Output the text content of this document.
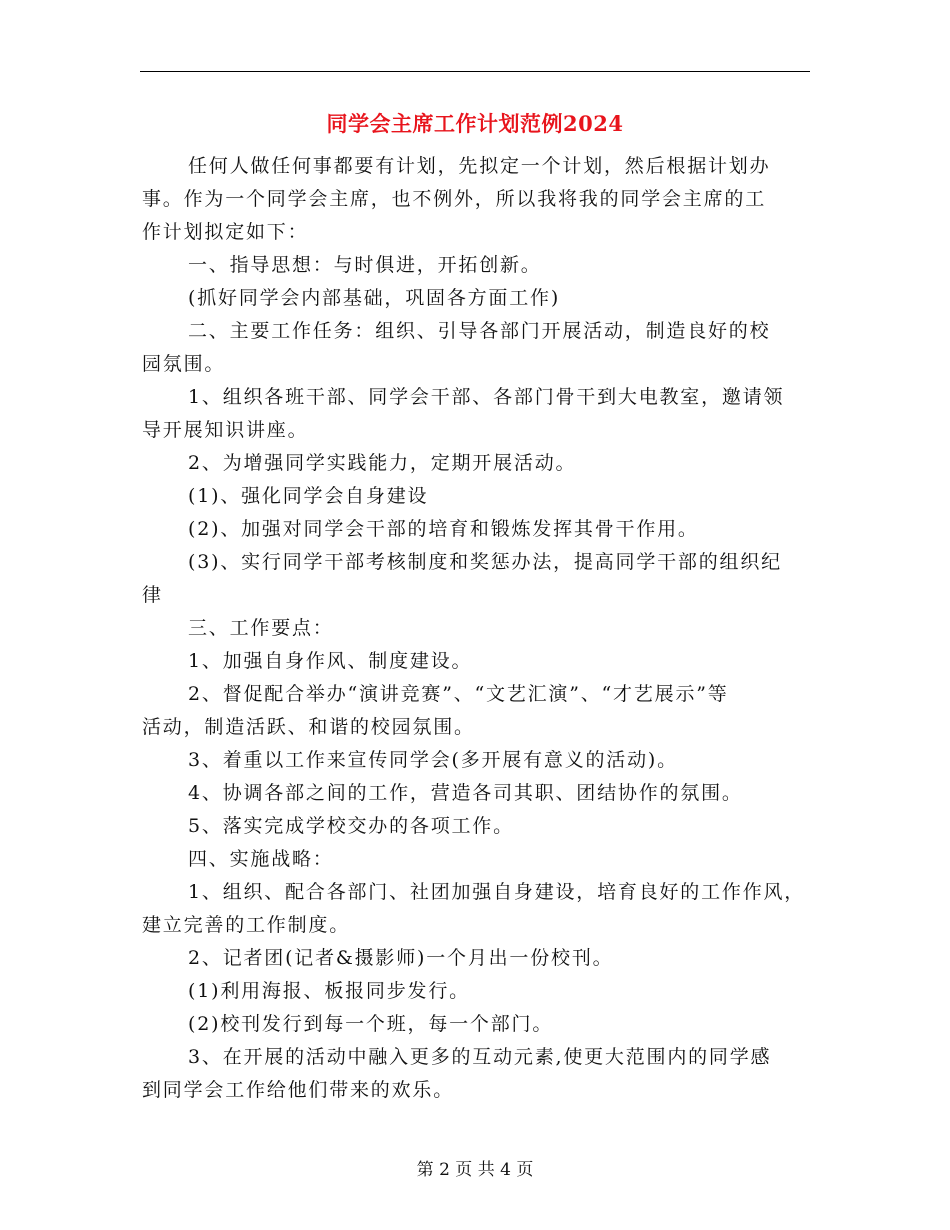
同学会主席工作计划范例2024
任何人做任何事都要有计划，先拟定一个计划，然后根据计划办
事。作为一个同学会主席，也不例外，所以我将我的同学会主席的工
作计划拟定如下：
一、指导思想：与时俱进，开拓创新。
(抓好同学会内部基础，巩固各方面工作)
二、主要工作任务：组织、引导各部门开展活动，制造良好的校
园氛围。
1、组织各班干部、同学会干部、各部门骨干到大电教室，邀请领
导开展知识讲座。
2、为增强同学实践能力，定期开展活动。
(1)、强化同学会自身建设
(2)、加强对同学会干部的培育和锻炼发挥其骨干作用。
(3)、实行同学干部考核制度和奖惩办法，提高同学干部的组织纪
律
三、工作要点：
1、加强自身作风、制度建设。
2、督促配合举办“演讲竞赛”、“文艺汇演”、“才艺展示”等
活动，制造活跃、和谐的校园氛围。
3、着重以工作来宣传同学会(多开展有意义的活动)。
4、协调各部之间的工作，营造各司其职、团结协作的氛围。
5、落实完成学校交办的各项工作。
四、实施战略：
1、组织、配合各部门、社团加强自身建设，培育良好的工作作风，
建立完善的工作制度。
2、记者团(记者&摄影师)一个月出一份校刊。
(1)利用海报、板报同步发行。
(2)校刊发行到每一个班，每一个部门。
3、在开展的活动中融入更多的互动元素,使更大范围内的同学感
到同学会工作给他们带来的欢乐。
第 2 页 共 4 页
